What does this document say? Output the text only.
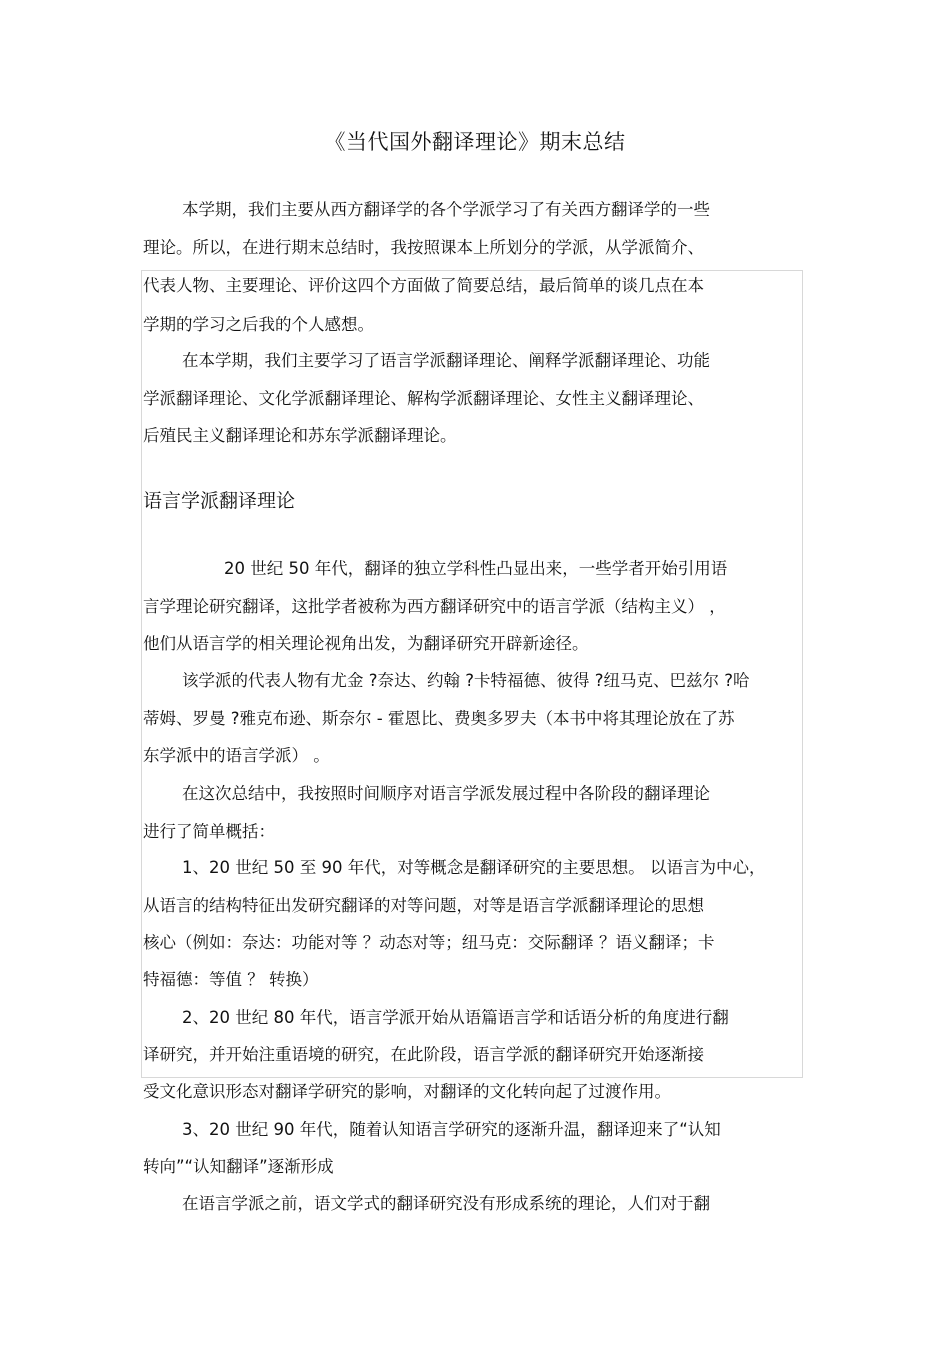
《当代国外翻译理论》期末总结
语言学派翻译理论
本学期，我们主要从西方翻译学的各个学派学习了有关西方翻译学的一些
理论。所以，在进行期末总结时，我按照课本上所划分的学派，从学派简介、
代表人物、主要理论、评价这四个方面做了简要总结，最后简单的谈几点在本
学期的学习之后我的个人感想。
在本学期，我们主要学习了语言学派翻译理论、阐释学派翻译理论、功能
学派翻译理论、文化学派翻译理论、解构学派翻译理论、女性主义翻译理论、
后殖民主义翻译理论和苏东学派翻译理论。
20 世纪 50 年代，翻译的独立学科性凸显出来，一些学者开始引用语
言学理论研究翻译，这批学者被称为西方翻译研究中的语言学派（结构主义） ，
他们从语言学的相关理论视角出发，为翻译研究开辟新途径。
该学派的代表人物有尤金 ?奈达、约翰 ?卡特福德、彼得 ?纽马克、巴兹尔 ?哈
蒂姆、罗曼 ?雅克布逊、斯奈尔 - 霍恩比、费奥多罗夫（本书中将其理论放在了苏
东学派中的语言学派） 。
在这次总结中，我按照时间顺序对语言学派发展过程中各阶段的翻译理论
进行了简单概括：
1、20 世纪 50 至 90 年代，对等概念是翻译研究的主要思想。 以语言为中心，
从语言的结构特征出发研究翻译的对等问题，对等是语言学派翻译理论的思想
核心（例如：奈达：功能对等 ？动态对等；纽马克：交际翻译 ？语义翻译；卡
特福德：等值 ？ 转换）
2、20 世纪 80 年代，语言学派开始从语篇语言学和话语分析的角度进行翻
译研究，并开始注重语境的研究，在此阶段，语言学派的翻译研究开始逐渐接
受文化意识形态对翻译学研究的影响，对翻译的文化转向起了过渡作用。
3、20 世纪 90 年代，随着认知语言学研究的逐渐升温，翻译迎来了“认知
转向”“认知翻译”逐渐形成
在语言学派之前，语文学式的翻译研究没有形成系统的理论，人们对于翻
